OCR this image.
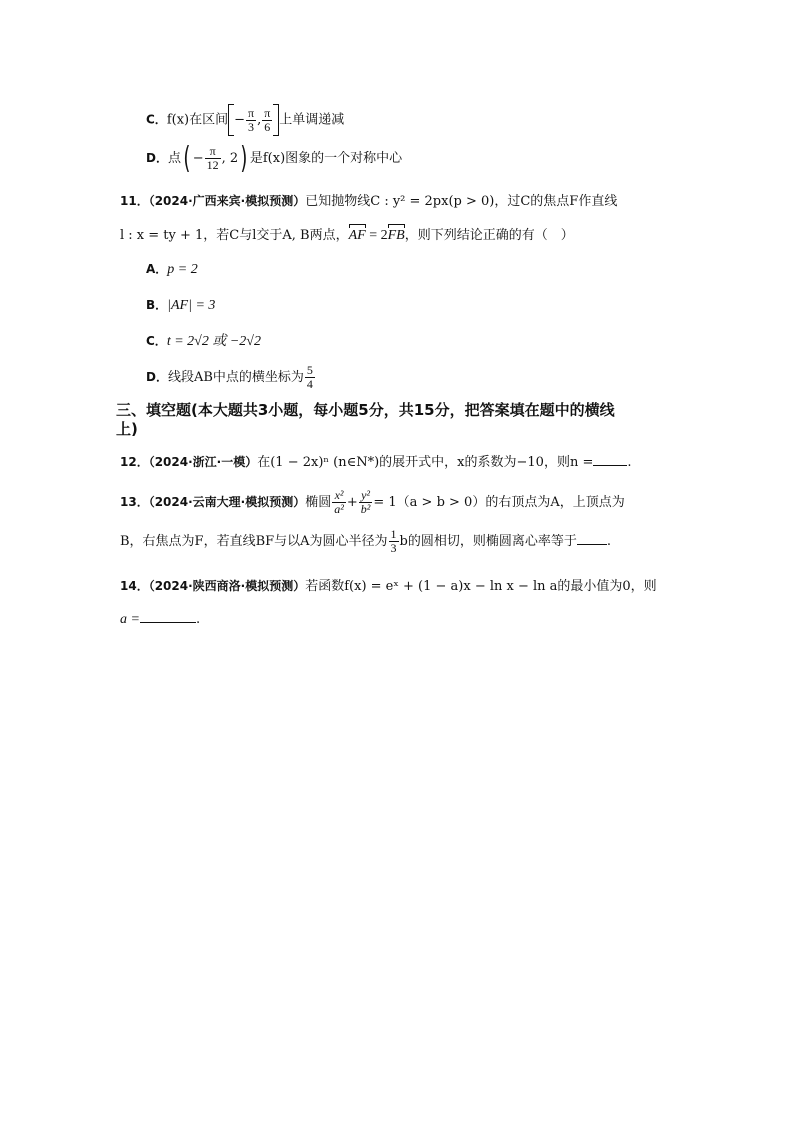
C．f(x)在区间 − $\frac{\pi}{3}$ , $\frac{\pi}{6}$ 上单调递减
D．点( − $\frac{\pi}{12}$ , 2) 是f(x)图象的一个对称中心
11．（2024·广西来宾·模拟预测）已知抛物线C : y² = 2px(p > 0)，过C的焦点F作直线
l : x = ty + 1，若C与l交于A, B两点，AF = 2FB，则下列结论正确的有（　）
A．p = 2
B．|AF| = 3
C．t = 2√2 或 −2√2
D．线段AB中点的横坐标为 $\frac{5}{4}$
三、填空题(本大题共3小题，每小题5分，共15分，把答案填在题中的横线
上)
12．（2024·浙江·一模）在(1 − 2x)ⁿ (n∈N*)的展开式中，x的系数为−10，则n =	.
13．（2024·云南大理·模拟预测）椭圆 $\frac{\text{x²}}{\text{a²}} + \frac{\text{y²}}{\text{b²}} = 1(a > b > 0)$的右顶点为A，上顶点为
B，右焦点为F，若直线BF与以A为圆心半径为 $\frac{1}{3}$ b的圆相切，则椭圆离心率等于 .
14．（2024·陕西商洛·模拟预测）若函数f(x) = eˣ + (1 − a)x − ln x − ln a的最小值为0，则
a =	.
